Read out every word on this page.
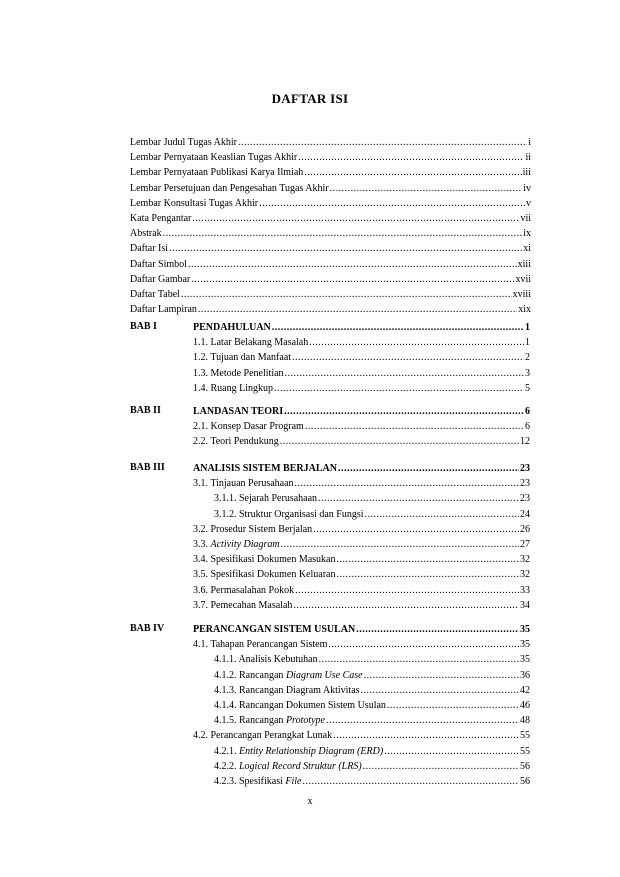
DAFTAR ISI
Lembar Judul Tugas Akhir .....	i
Lembar Pernyataan Keaslian Tugas Akhir .....	ii
Lembar Pernyataan Publikasi Karya Ilmiah .....	iii
Lembar Persetujuan dan Pengesahan Tugas Akhir .....	iv
Lembar Konsultasi Tugas Akhir .....	v
Kata Pengantar .....	vii
Abstrak .....	ix
Daftar Isi .....	xi
Daftar Simbol .....	xiii
Daftar Gambar .....	xvii
Daftar Tabel .....	xviii
Daftar Lampiran .....	xix
BAB I	PENDAHULUAN .....	1
1.1. Latar Belakang Masalah .....	1
1.2. Tujuan dan Manfaat .....	2
1.3. Metode Penelitian .....	3
1.4. Ruang Lingkup .....	5
BAB II	LANDASAN TEORI .....	6
2.1. Konsep Dasar Program .....	6
2.2. Teori Pendukung .....	12
BAB III	ANALISIS SISTEM BERJALAN .....	23
3.1. Tinjauan Perusahaan .....	23
3.1.1. Sejarah Perusahaan .....	23
3.1.2. Struktur Organisasi dan Fungsi .....	24
3.2. Prosedur Sistem Berjalan .....	26
3.3. Activity Diagram .....	27
3.4. Spesifikasi Dokumen Masukan .....	32
3.5. Spesifikasi Dokumen Keluaran .....	32
3.6. Permasalahan Pokok .....	33
3.7. Pemecahan Masalah .....	34
BAB IV	PERANCANGAN SISTEM USULAN .....	35
4.1. Tahapan Perancangan Sistem .....	35
4.1.1. Analisis Kebutuhan .....	35
4.1.2. Rancangan Diagram Use Case .....	36
4.1.3. Rancangan Diagram Aktivitas .....	42
4.1.4. Rancangan Dokumen Sistem Usulan .....	46
4.1.5. Rancangan Prototype .....	48
4.2. Perancangan Perangkat Lunak .....	55
4.2.1. Entity Relationship Diagram (ERD) .....	55
4.2.2. Logical Record Struktur (LRS) .....	56
4.2.3. Spesifikasi File .....	56
x
